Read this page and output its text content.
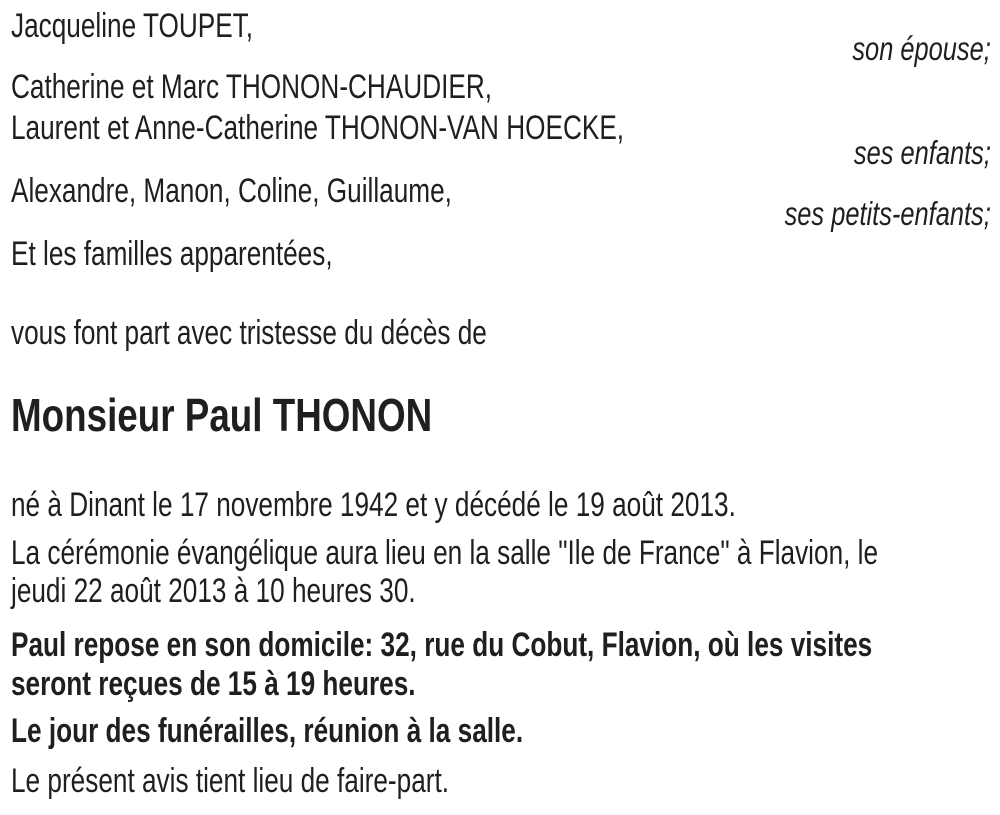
Jacqueline TOUPET,
son épouse;
Catherine et Marc THONON-CHAUDIER,
Laurent et Anne-Catherine THONON-VAN HOECKE,
ses enfants;
Alexandre, Manon, Coline, Guillaume,
ses petits-enfants;
Et les familles apparentées,
vous font part avec tristesse du décès de
Monsieur Paul THONON
né à Dinant le 17 novembre 1942 et y décédé le 19 août 2013.
La cérémonie évangélique aura lieu en la salle "Ile de France" à Flavion, le
jeudi 22 août 2013 à 10 heures 30.
Paul repose en son domicile: 32, rue du Cobut, Flavion, où les visites
seront reçues de 15 à 19 heures.
Le jour des funérailles, réunion à la salle.
Le présent avis tient lieu de faire-part.
